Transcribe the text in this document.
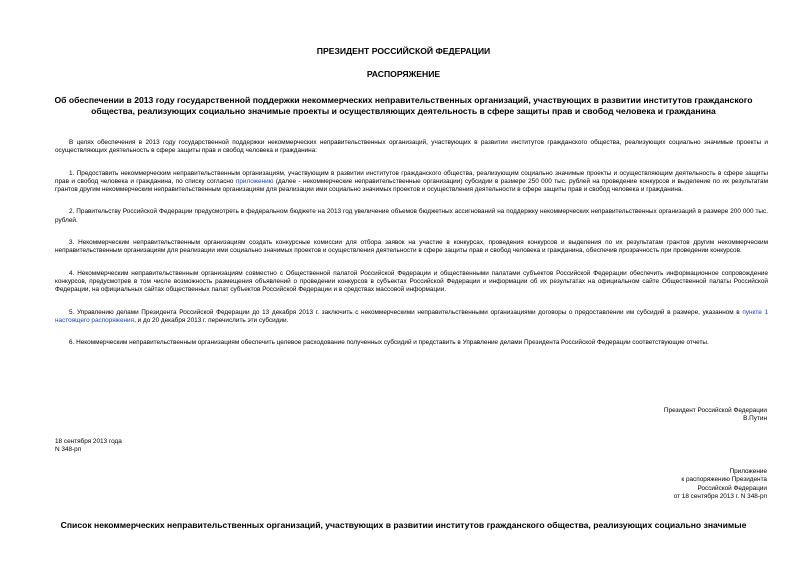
ПРЕЗИДЕНТ РОССИЙСКОЙ ФЕДЕРАЦИИ
РАСПОРЯЖЕНИЕ
Об обеспечении в 2013 году государственной поддержки некоммерческих неправительственных организаций, участвующих в развитии институтов гражданского общества, реализующих социально значимые проекты и осуществляющих деятельность в сфере защиты прав и свобод человека и гражданина

В целях обеспечения в 2013 году государственной поддержки некоммерческих неправительственных организаций, участвующих в развитии институтов гражданского общества, реализующих социально значимые проекты и осуществляющих деятельность в сфере защиты прав и свобод человека и гражданина:

1. Предоставить некоммерческим неправительственным организациям, участвующим в развитии институтов гражданского общества, реализующим социально значимые проекты и осуществляющим деятельность в сфере защиты прав и свобод человека и гражданина, по списку согласно приложению (далее - некоммерческие неправительственные организации) субсидии в размере 250 000 тыс. рублей на проведение конкурсов и выделение по их результатам грантов другим некоммерческим неправительственным организациям для реализации ими социально значимых проектов и осуществления деятельности в сфере защиты прав и свобод человека и гражданина.

2. Правительству Российской Федерации предусмотреть в федеральном бюджете на 2013 год увеличение объемов бюджетных ассигнований на поддержку некоммерческих неправительственных организаций в размере 200 000 тыс. рублей.

3. Некоммерческим неправительственным организациям создать конкурсные комиссии для отбора заявок на участие в конкурсах, проведения конкурсов и выделения по их результатам грантов другим некоммерческим неправительственным организациям для реализации ими социально значимых проектов и осуществления деятельности в сфере защиты прав и свобод человека и гражданина, обеспечив прозрачность при проведении конкурсов.

4. Некоммерческим неправительственным организациям совместно с Общественной палатой Российской Федерации и общественными палатами субъектов Российской Федерации обеспечить информационное сопровождение конкурсов, предусмотрев в том числе возможность размещения объявлений о проведении конкурсов в субъектах Российской Федерации и информации об их результатах на официальном сайте Общественной палаты Российской Федерации, на официальных сайтах общественных палат субъектов Российской Федерации и в средствах массовой информации.

5. Управлению делами Президента Российской Федерации до 13 декабря 2013 г. заключить с некоммерческими неправительственными организациями договоры о предоставлении им субсидий в размере, указанном в пункте 1 настоящего распоряжения, и до 20 декабря 2013 г. перечислить эти субсидии.

6. Некоммерческим неправительственным организациям обеспечить целевое расходование полученных субсидий и представить в Управление делами Президента Российской Федерации соответствующие отчеты.

Президент Российской Федерации
В.Путин
18 сентября 2013 года
N 348-рп
Приложение
к распоряжению Президента
Российской Федерации
от 18 сентября 2013 г. N 348-рп
Список некоммерческих неправительственных организаций, участвующих в развитии институтов гражданского общества, реализующих социально значимые
